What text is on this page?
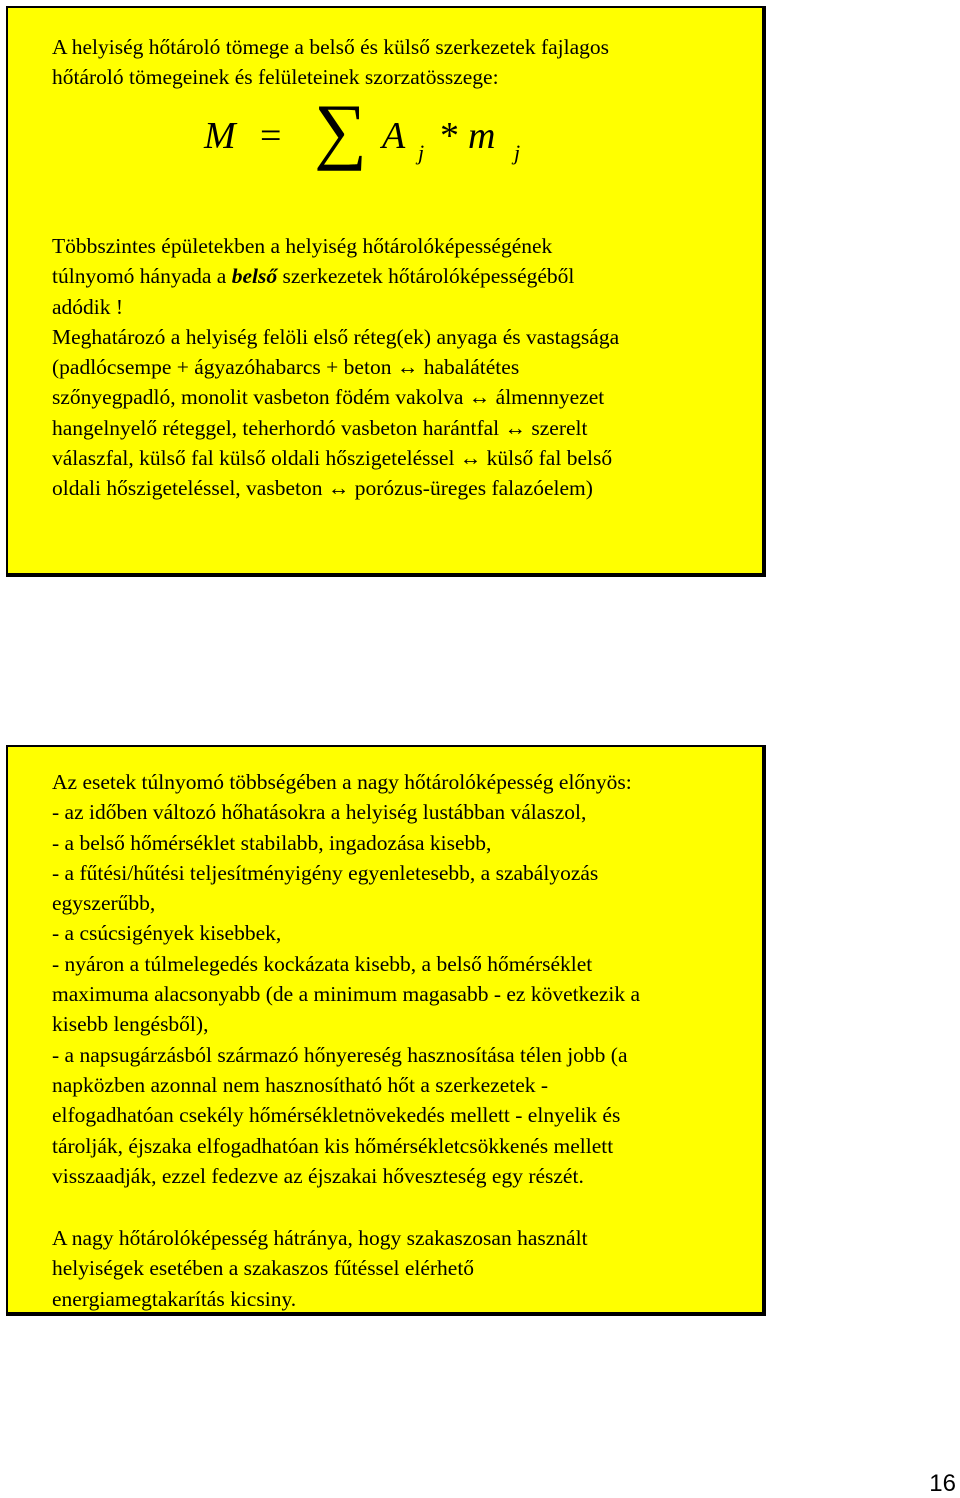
A helyiség hőtároló tömege a belső és külső szerkezetek fajlagos
hőtároló tömegeinek és felületeinek szorzatösszege:
M = ∑ A j * m j
Többszintes épületekben a helyiség hőtárolóképességének
túlnyomó hányada a belső szerkezetek hőtárolóképességéből
adódik !
Meghatározó a helyiség felöli első réteg(ek) anyaga és vastagsága
(padlócsempe + ágyazóhabarcs + beton ↔ habalátétes
szőnyegpadló, monolit vasbeton födém vakolva ↔ álmennyezet
hangelnyelő réteggel, teherhordó vasbeton harántfal ↔ szerelt
válaszfal, külső fal külső oldali hőszigeteléssel ↔ külső fal belső
oldali hőszigeteléssel, vasbeton ↔ porózus-üreges falazóelem)
Az esetek túlnyomó többségében a nagy hőtárolóképesség előnyös:
- az időben változó hőhatásokra a helyiség lustábban válaszol,
- a belső hőmérséklet stabilabb, ingadozása kisebb,
- a fűtési/hűtési teljesítményigény egyenletesebb, a szabályozás
egyszerűbb,
- a csúcsigények kisebbek,
- nyáron a túlmelegedés kockázata kisebb, a belső hőmérséklet
maximuma alacsonyabb (de a minimum magasabb - ez következik a
kisebb lengésből),
- a napsugárzásból származó hőnyereség hasznosítása télen jobb (a
napközben azonnal nem hasznosítható hőt a szerkezetek -
elfogadhatóan csekély hőmérsékletnövekedés mellett - elnyelik és
tárolják, éjszaka elfogadhatóan kis hőmérsékletcsökkenés mellett
visszaadják, ezzel fedezve az éjszakai hőveszteség egy részét.
A nagy hőtárolóképesség hátránya, hogy szakaszosan használt
helyiségek esetében a szakaszos fűtéssel elérhető
energiamegtakarítás kicsiny.
16
